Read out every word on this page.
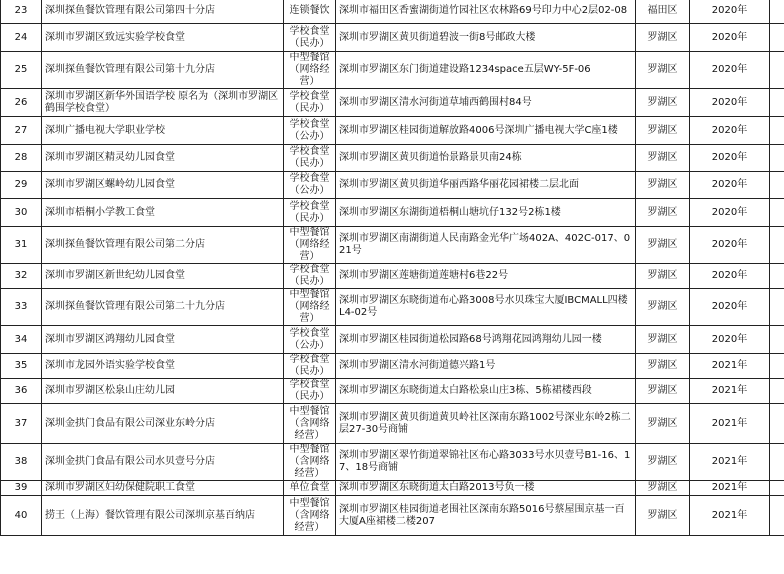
23	深圳探鱼餐饮管理有限公司第四十分店	连锁餐饮	深圳市福田区香蜜湖街道竹园社区农林路69号印力中心2层02-08	福田区	2020年	
24	深圳市罗湖区致远实验学校食堂	学校食堂（民办）	深圳市罗湖区黄贝街道碧波一街8号邮政大楼	罗湖区	2020年	
25	深圳探鱼餐饮管理有限公司第十九分店	中型餐馆（网络经营）	深圳市罗湖区东门街道建设路1234space五层WY-5F-06	罗湖区	2020年	
26	深圳市罗湖区新华外国语学校 原名为（深圳市罗湖区鹤围学校食堂）	学校食堂（民办）	深圳市罗湖区清水河街道草埔西鹤围村84号	罗湖区	2020年	
27	深圳广播电视大学职业学校	学校食堂（公办）	深圳市罗湖区桂园街道解放路4006号深圳广播电视大学C座1楼	罗湖区	2020年	
28	深圳市罗湖区精灵幼儿园食堂	学校食堂（民办）	深圳市罗湖区黄贝街道怡景路景贝南24栋	罗湖区	2020年	
29	深圳市罗湖区螺岭幼儿园食堂	学校食堂（公办）	深圳市罗湖区黄贝街道华丽西路华丽花园裙楼二层北面	罗湖区	2020年	
30	深圳市梧桐小学教工食堂	学校食堂（民办）	深圳市罗湖区东湖街道梧桐山塘坑仔132号2栋1楼	罗湖区	2020年	
31	深圳探鱼餐饮管理有限公司第二分店	中型餐馆（网络经营）	深圳市罗湖区南湖街道人民南路金光华广场402A、402C-017、021号	罗湖区	2020年	
32	深圳市罗湖区新世纪幼儿园食堂	学校食堂（民办）	深圳市罗湖区莲塘街道莲塘村6巷22号	罗湖区	2020年	
33	深圳探鱼餐饮管理有限公司第二十九分店	中型餐馆（网络经营）	深圳市罗湖区东晓街道布心路3008号水贝珠宝大厦IBCMALL四楼L4-02号	罗湖区	2020年	
34	深圳市罗湖区鸿翔幼儿园食堂	学校食堂（公办）	深圳市罗湖区桂园街道松园路68号鸿翔花园鸿翔幼儿园一楼	罗湖区	2020年	
35	深圳市龙园外语实验学校食堂	学校食堂（民办）	深圳市罗湖区清水河街道德兴路1号	罗湖区	2021年	
36	深圳市罗湖区松泉山庄幼儿园	学校食堂（民办）	深圳市罗湖区东晓街道太白路松泉山庄3栋、5栋裙楼西段	罗湖区	2021年	
37	深圳金拱门食品有限公司深业东岭分店	中型餐馆（含网络经营）	深圳市罗湖区黄贝街道黄贝岭社区深南东路1002号深业东岭2栋二层27-30号商铺	罗湖区	2021年	
38	深圳金拱门食品有限公司水贝壹号分店	中型餐馆（含网络经营）	深圳市罗湖区翠竹街道翠锦社区布心路3033号水贝壹号B1-16、17、18号商铺	罗湖区	2021年	
39	深圳市罗湖区妇幼保健院职工食堂	单位食堂	深圳市罗湖区东晓街道太白路2013号负一楼	罗湖区	2021年	
40	捞王（上海）餐饮管理有限公司深圳京基百纳店	中型餐馆（含网络经营）	深圳市罗湖区桂园街道老围社区深南东路5016号蔡屋围京基一百大厦A座裙楼二楼207	罗湖区	2021年	
